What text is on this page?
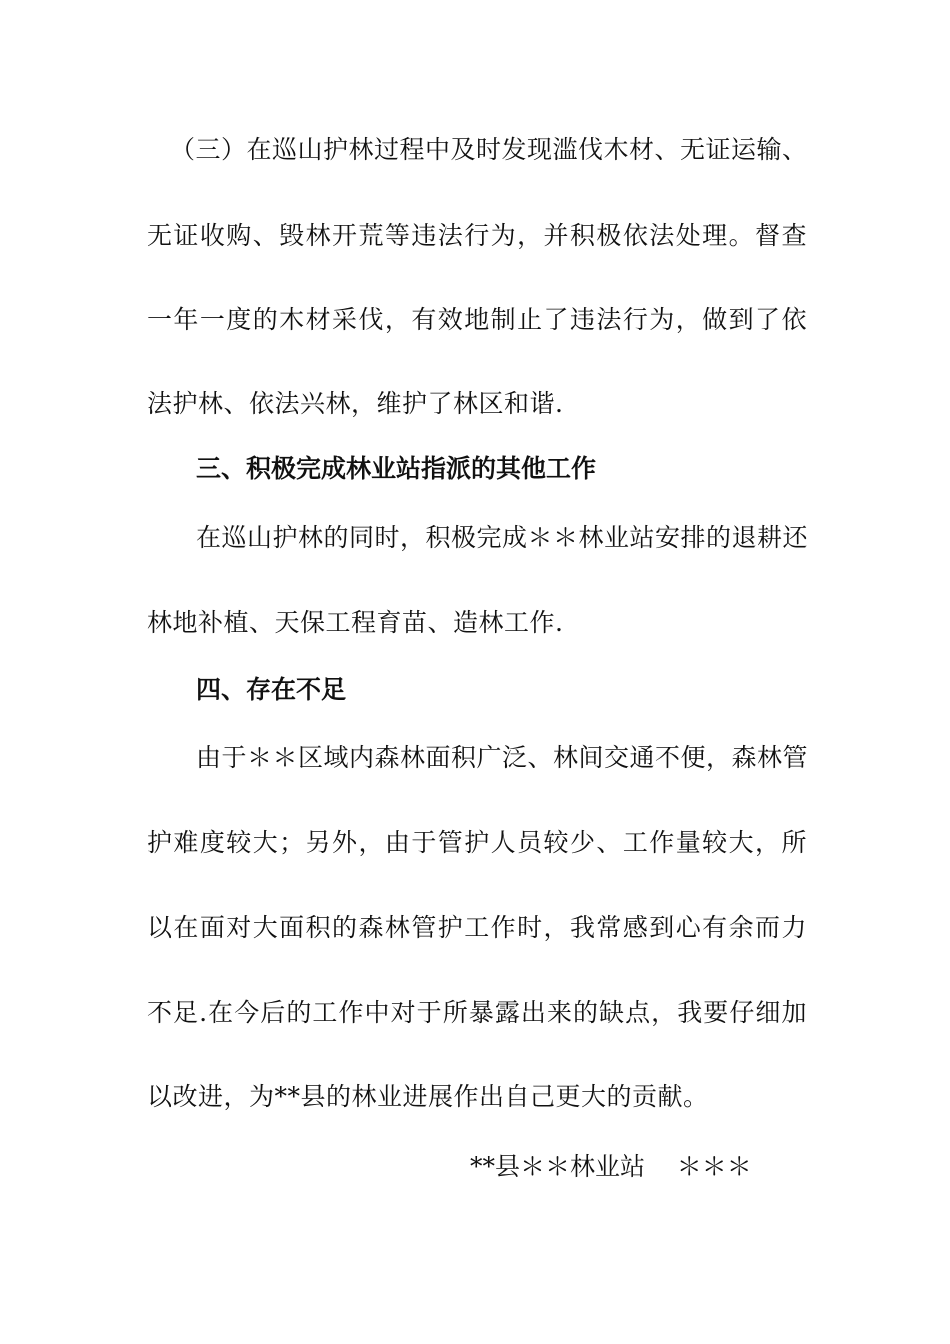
（三）在巡山护林过程中及时发现滥伐木材、无证运输、
无证收购、毁林开荒等违法行为，并积极依法处理。督查
一年一度的木材采伐，有效地制止了违法行为，做到了依
法护林、依法兴林，维护了林区和谐.
三、积极完成林业站指派的其他工作
在巡山护林的同时，积极完成＊＊林业站安排的退耕还
林地补植、天保工程育苗、造林工作.
四、存在不足
由于＊＊区域内森林面积广泛、林间交通不便，森林管
护难度较大；另外，由于管护人员较少、工作量较大，所
以在面对大面积的森林管护工作时，我常感到心有余而力
不足.在今后的工作中对于所暴露出来的缺点，我要仔细加
以改进，为**县的林业进展作出自己更大的贡献。
**县＊＊林业站    ＊＊＊
